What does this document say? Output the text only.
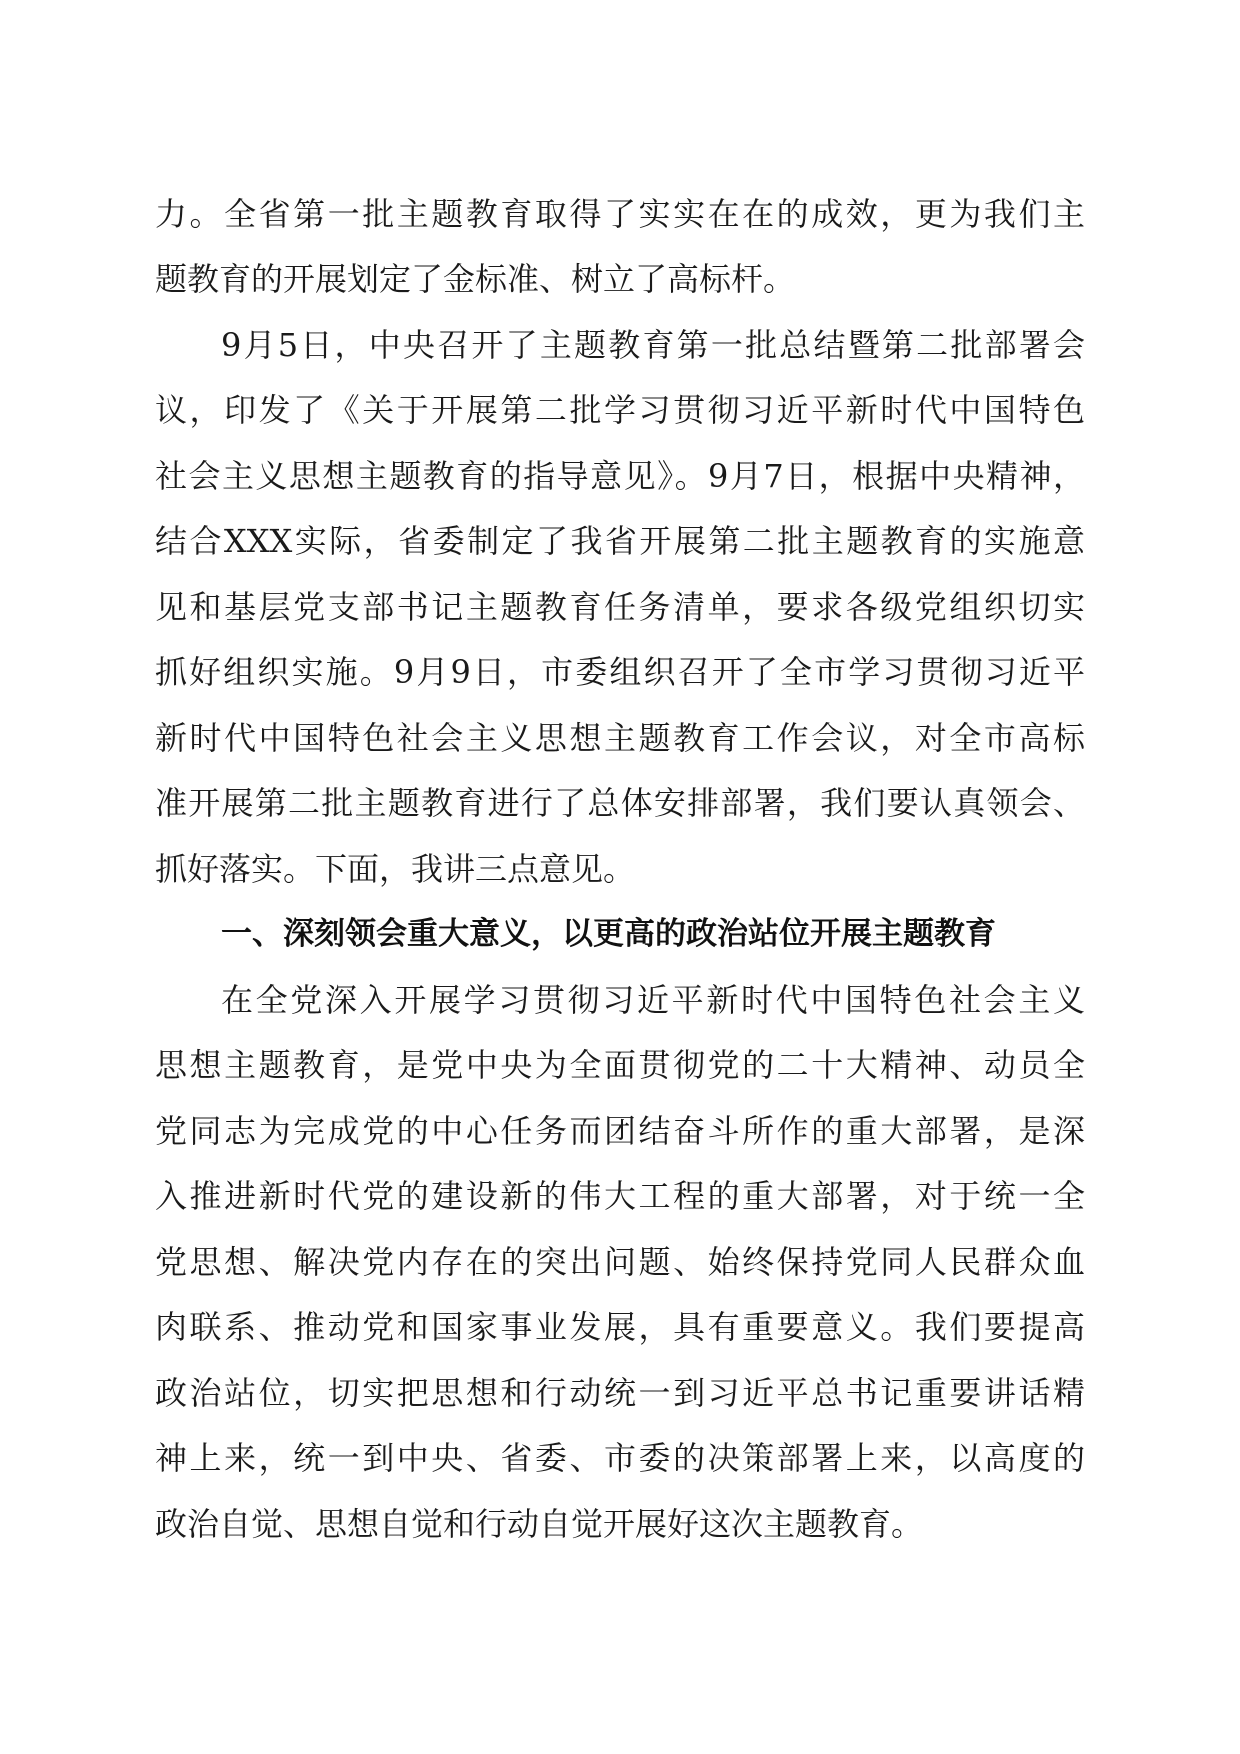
力。全省第一批主题教育取得了实实在在的成效，更为我们主
题教育的开展划定了金标准、树立了高标杆。
9月5日，中央召开了主题教育第一批总结暨第二批部署会
议，印发了《关于开展第二批学习贯彻习近平新时代中国特色
社会主义思想主题教育的指导意见》。9月7日，根据中央精神，
结合XXX实际，省委制定了我省开展第二批主题教育的实施意
见和基层党支部书记主题教育任务清单，要求各级党组织切实
抓好组织实施。9月9日，市委组织召开了全市学习贯彻习近平
新时代中国特色社会主义思想主题教育工作会议，对全市高标
准开展第二批主题教育进行了总体安排部署，我们要认真领会、
抓好落实。下面，我讲三点意见。
一、深刻领会重大意义，以更高的政治站位开展主题教育
在全党深入开展学习贯彻习近平新时代中国特色社会主义
思想主题教育，是党中央为全面贯彻党的二十大精神、动员全
党同志为完成党的中心任务而团结奋斗所作的重大部署，是深
入推进新时代党的建设新的伟大工程的重大部署，对于统一全
党思想、解决党内存在的突出问题、始终保持党同人民群众血
肉联系、推动党和国家事业发展，具有重要意义。我们要提高
政治站位，切实把思想和行动统一到习近平总书记重要讲话精
神上来，统一到中央、省委、市委的决策部署上来，以高度的
政治自觉、思想自觉和行动自觉开展好这次主题教育。
